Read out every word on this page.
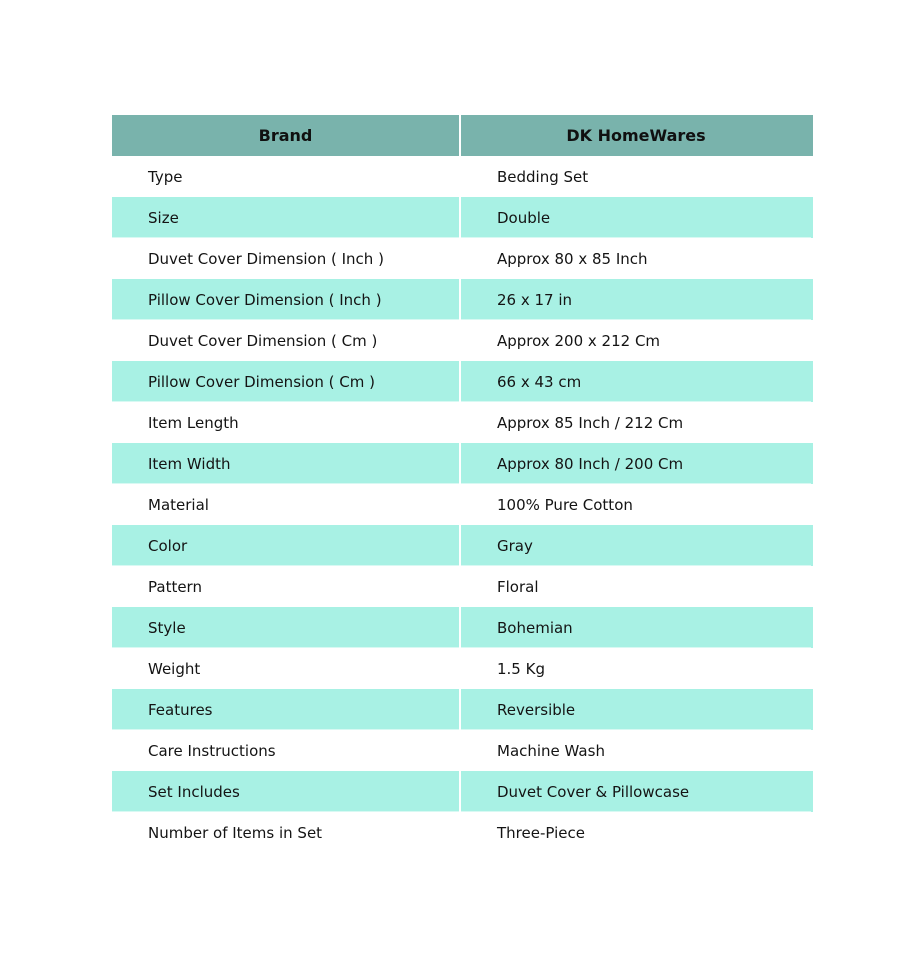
Brand	DK HomeWares
Type	Bedding Set
Size	Double
Duvet Cover Dimension ( Inch )	Approx 80 x 85 Inch
Pillow Cover Dimension ( Inch )	26 x 17 in
Duvet Cover Dimension ( Cm )	Approx 200 x 212 Cm
Pillow Cover Dimension ( Cm )	66 x 43 cm
Item Length	Approx 85 Inch / 212 Cm
Item Width	Approx 80 Inch / 200 Cm
Material	100% Pure Cotton
Color	Gray
Pattern	Floral
Style	Bohemian
Weight	1.5 Kg
Features	Reversible
Care Instructions	Machine Wash
Set Includes	Duvet Cover & Pillowcase
Number of Items in Set	Three-Piece
